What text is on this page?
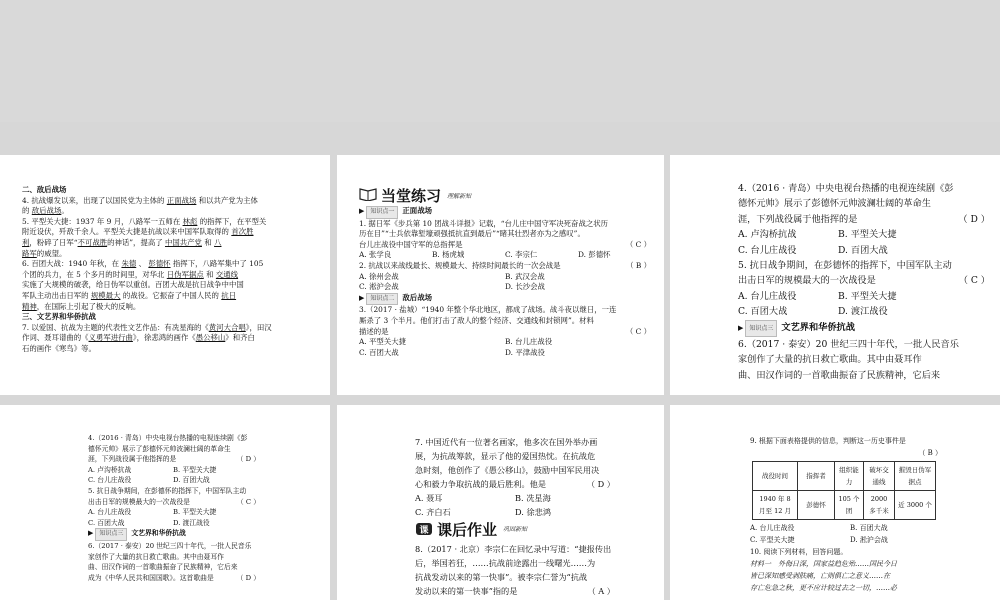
二、敌后战场
4. 抗战爆发以来，出现了以国民党为主体的 正面战场 和以共产党为主体
的 敌后战场。
5. 平型关大捷：1937 年 9 月，八路军一五师在 林彪 的指挥下，在平型关
附近设伏，歼敌千余人。平型关大捷是抗战以来中国军队取得的 首次胜
利，粉碎了日军“不可战胜的神话”，提高了 中国共产党 和 八
路军的威望。
6. 百团大战：1940 年秋，在 朱德 、 彭德怀 指挥下，八路军集中了 105
个团的兵力，在 5 个多月的时间里，对华北 日伪军据点 和 交通线
实施了大规模的破袭，给日伪军以重创。百团大战是抗日战争中中国
军队主动出击日军的 规模最大 的战役。它振奋了中国人民的 抗日
精神，在国际上引起了极大的反响。
三、文艺界和华侨抗战
7. 以爱国、抗战为主题的代表性文艺作品：有冼星海的《黄河大合唱》，田汉
作词、聂耳谱曲的《义勇军进行曲》，徐悲鸿的画作《愚公移山》和齐白
石的画作《寒鸟》等。
当堂练习 理解新知
▶ 知识点一 正面战场
1. 据日军《步兵第 10 团战斗详报》记载，“台儿庄中国守军决死奋战之状历
历在目”“士兵依靠堑壕顽强抵抗直到最后”“睹其壮烈者亦为之感叹”。
台儿庄战役中国守军的总指挥是	（ C ）
A. 张学良	B. 杨虎城	C. 李宗仁	D. 彭德怀
2. 抗战以来战线最长、规模最大、持续时间最长的一次会战是	（ B ）
A. 徐州会战	B. 武汉会战
C. 淞沪会战	D. 长沙会战
▶ 知识点二 敌后战场
3.（2017 · 盐城）“1940 年整个华北地区，都成了战场。战斗夜以继日，一连
厮杀了 3 个半月。他们打击了敌人的整个经济、交通线和封锁网”。材料
描述的是	（ C ）
A. 平型关大捷	B. 台儿庄战役
C. 百团大战	D. 平津战役
4.（2016 · 青岛）中央电视台热播的电视连续剧《彭
德怀元帅》展示了彭德怀元帅波澜壮阔的革命生
涯，下列战役属于他指挥的是	（ D ）
A. 卢沟桥抗战	B. 平型关大捷
C. 台儿庄战役	D. 百团大战
5. 抗日战争期间，在彭德怀的指挥下，中国军队主动
出击日军的规模最大的一次战役是	（ C ）
A. 台儿庄战役	B. 平型关大捷
C. 百团大战	D. 渡江战役
▶ 知识点三 文艺界和华侨抗战
6.（2017 · 泰安）20 世纪三四十年代，一批人民音乐
家创作了大量的抗日救亡歌曲。其中由聂耳作
曲、田汉作词的一首歌曲振奋了民族精神，它后来
4.（2016 · 青岛）中央电视台热播的电视连续剧《彭
德怀元帅》展示了彭德怀元帅波澜壮阔的革命生
涯，下列战役属于他指挥的是	（ D ）
A. 卢沟桥抗战	B. 平型关大捷
C. 台儿庄战役	D. 百团大战
5. 抗日战争期间，在彭德怀的指挥下，中国军队主动
出击日军的规模最大的一次战役是	（ C ）
A. 台儿庄战役	B. 平型关大捷
C. 百团大战	D. 渡江战役
▶ 知识点三 文艺界和华侨抗战
6.（2017 · 泰安）20 世纪三四十年代，一批人民音乐
家创作了大量的抗日救亡歌曲。其中由聂耳作
曲、田汉作词的一首歌曲振奋了民族精神，它后来
成为《中华人民共和国国歌》。这首歌曲是	（ D ）
7. 中国近代有一位著名画家，他多次在国外举办画
展，为抗战筹款，显示了他的爱国热忱。在抗战危
急时刻，他创作了《愚公移山》，鼓励中国军民用决
心和毅力争取抗战的最后胜利。他是	（ D ）
A. 聂耳	B. 冼星海
C. 齐白石	D. 徐悲鸿
课 课后作业 巩固新知
8.（2017 · 北京）李宗仁在回忆录中写道：“捷报传出
后，举国若狂，……抗战前途露出一线曙光……为
抗战发动以来的第一快事”。被李宗仁誉为“抗战
发动以来的第一快事”指的是	（ A ）
9. 根据下面表格提供的信息，判断这一历史事件是
（ B ）
战役时间	指挥者	组织能力	破坏交通线	摧毁日伪军据点
1940 年 8 月至 12 月	彭德怀	105 个团	2000 多千米	近 3000 个
A. 台儿庄战役	B. 百团大战
C. 平型关大捷	D. 淞沪会战
10. 阅读下列材料，回答问题。
材料一　外侮日深，国家益趋危殆……国民今日
皆已深知感受剥肤痛，亡则俱亡之意义……在
存亡危急之秋，更不应计较过去之一切，……必
